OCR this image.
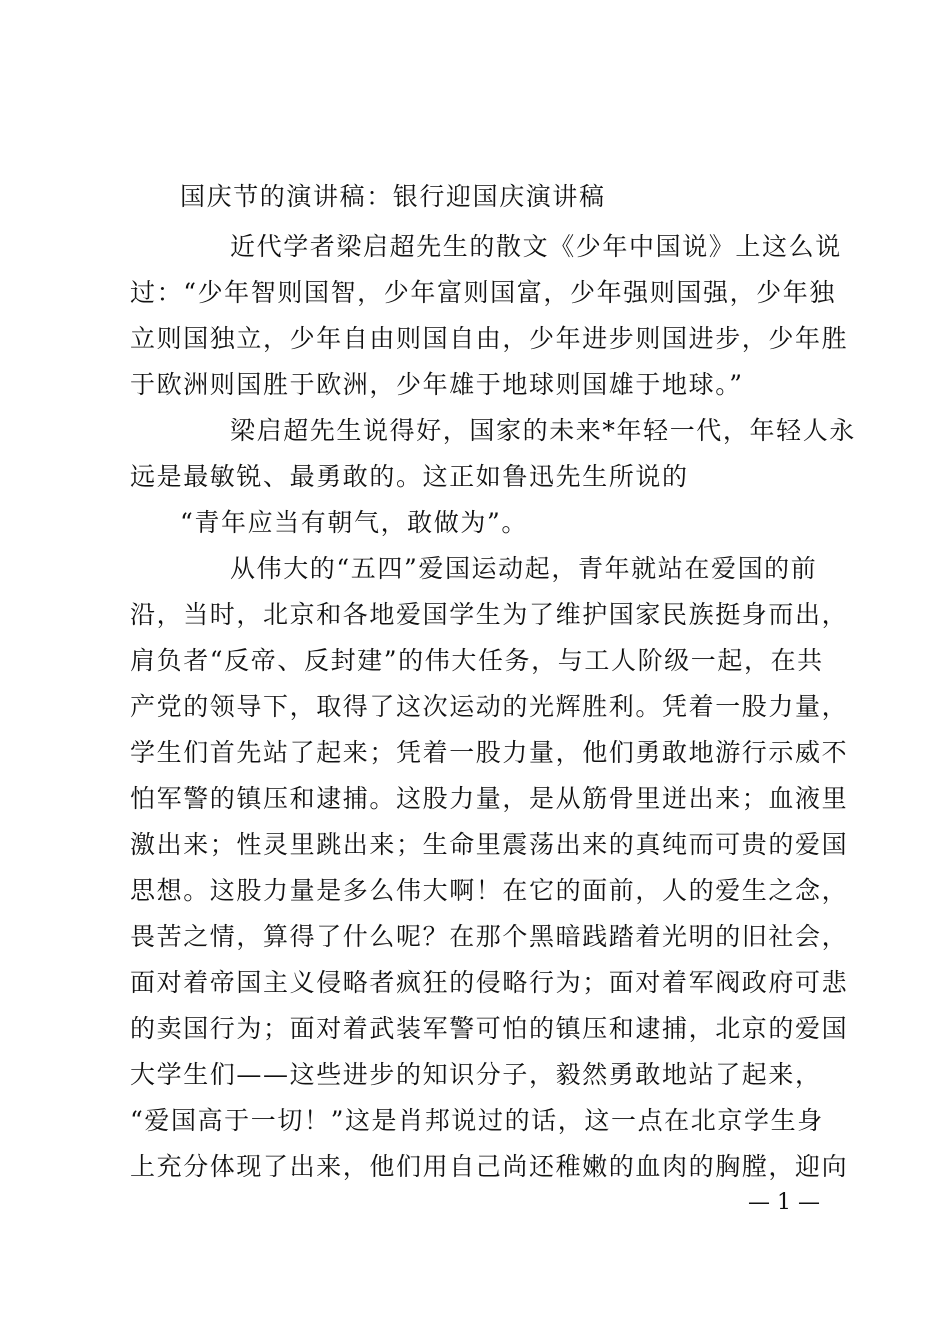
国庆节的演讲稿：银行迎国庆演讲稿
近代学者梁启超先生的散文《少年中国说》上这么说
过：“少年智则国智，少年富则国富，少年强则国强，少年独
立则国独立，少年自由则国自由，少年进步则国进步，少年胜
于欧洲则国胜于欧洲，少年雄于地球则国雄于地球。”
梁启超先生说得好，国家的未来*年轻一代，年轻人永
远是最敏锐、最勇敢的。这正如鲁迅先生所说的
“青年应当有朝气，敢做为”。
从伟大的“五四”爱国运动起，青年就站在爱国的前
沿，当时，北京和各地爱国学生为了维护国家民族挺身而出，
肩负者“反帝、反封建”的伟大任务，与工人阶级一起，在共
产党的领导下，取得了这次运动的光辉胜利。凭着一股力量，
学生们首先站了起来；凭着一股力量，他们勇敢地游行示威不
怕军警的镇压和逮捕。这股力量，是从筋骨里迸出来；血液里
激出来；性灵里跳出来；生命里震荡出来的真纯而可贵的爱国
思想。这股力量是多么伟大啊！在它的面前，人的爱生之念，
畏苦之情，算得了什么呢？在那个黑暗践踏着光明的旧社会，
面对着帝国主义侵略者疯狂的侵略行为；面对着军阀政府可悲
的卖国行为；面对着武装军警可怕的镇压和逮捕，北京的爱国
大学生们——这些进步的知识分子，毅然勇敢地站了起来，
“爱国高于一切！”这是肖邦说过的话，这一点在北京学生身
上充分体现了出来，他们用自己尚还稚嫩的血肉的胸膛，迎向
— 1 —
